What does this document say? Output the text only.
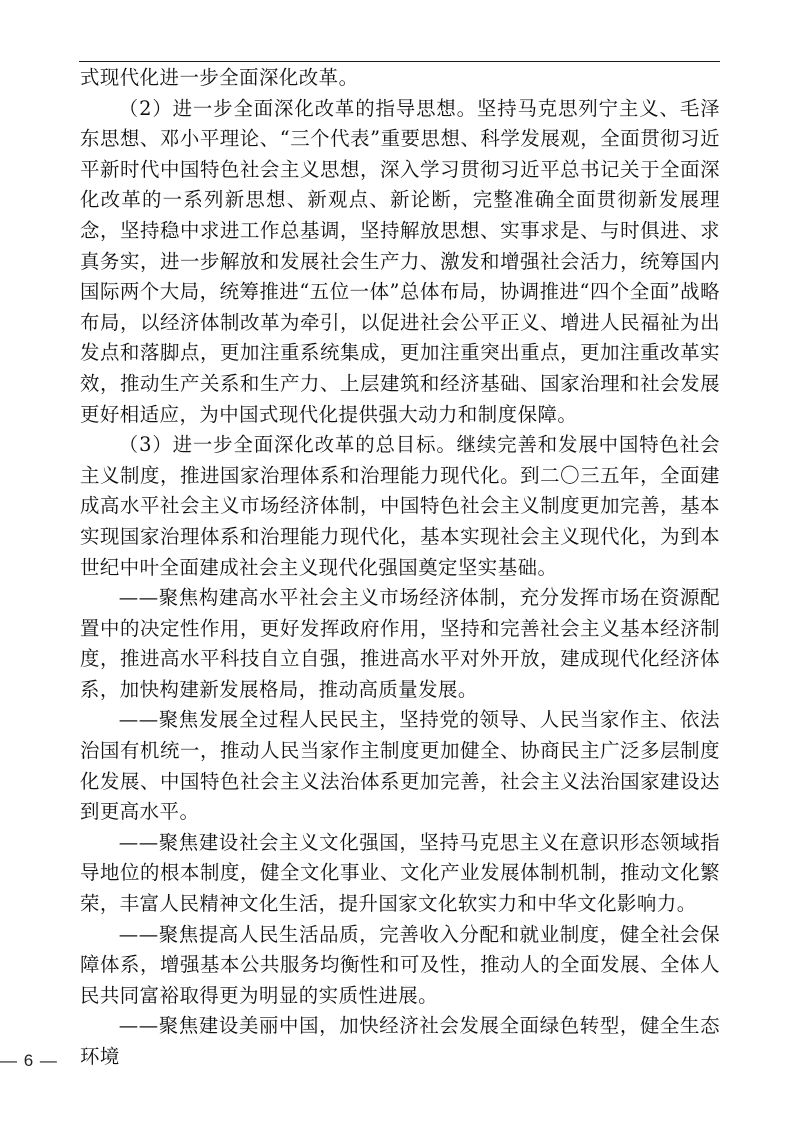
式现代化进一步全面深化改革。

（2）进一步全面深化改革的指导思想。坚持马克思列宁主义、毛泽东思想、邓小平理论、“三个代表”重要思想、科学发展观，全面贯彻习近平新时代中国特色社会主义思想，深入学习贯彻习近平总书记关于全面深化改革的一系列新思想、新观点、新论断，完整准确全面贯彻新发展理念，坚持稳中求进工作总基调，坚持解放思想、实事求是、与时俱进、求真务实，进一步解放和发展社会生产力、激发和增强社会活力，统筹国内国际两个大局，统筹推进“五位一体”总体布局，协调推进“四个全面”战略布局，以经济体制改革为牵引，以促进社会公平正义、增进人民福祉为出发点和落脚点，更加注重系统集成，更加注重突出重点，更加注重改革实效，推动生产关系和生产力、上层建筑和经济基础、国家治理和社会发展更好相适应，为中国式现代化提供强大动力和制度保障。

（3）进一步全面深化改革的总目标。继续完善和发展中国特色社会主义制度，推进国家治理体系和治理能力现代化。到二〇三五年，全面建成高水平社会主义市场经济体制，中国特色社会主义制度更加完善，基本实现国家治理体系和治理能力现代化，基本实现社会主义现代化，为到本世纪中叶全面建成社会主义现代化强国奠定坚实基础。

——聚焦构建高水平社会主义市场经济体制，充分发挥市场在资源配置中的决定性作用，更好发挥政府作用，坚持和完善社会主义基本经济制度，推进高水平科技自立自强，推进高水平对外开放，建成现代化经济体系，加快构建新发展格局，推动高质量发展。

——聚焦发展全过程人民民主，坚持党的领导、人民当家作主、依法治国有机统一，推动人民当家作主制度更加健全、协商民主广泛多层制度化发展、中国特色社会主义法治体系更加完善，社会主义法治国家建设达到更高水平。

——聚焦建设社会主义文化强国，坚持马克思主义在意识形态领域指导地位的根本制度，健全文化事业、文化产业发展体制机制，推动文化繁荣，丰富人民精神文化生活，提升国家文化软实力和中华文化影响力。

——聚焦提高人民生活品质，完善收入分配和就业制度，健全社会保障体系，增强基本公共服务均衡性和可及性，推动人的全面发展、全体人民共同富裕取得更为明显的实质性进展。

——聚焦建设美丽中国，加快经济社会发展全面绿色转型，健全生态环境

— 6 —
